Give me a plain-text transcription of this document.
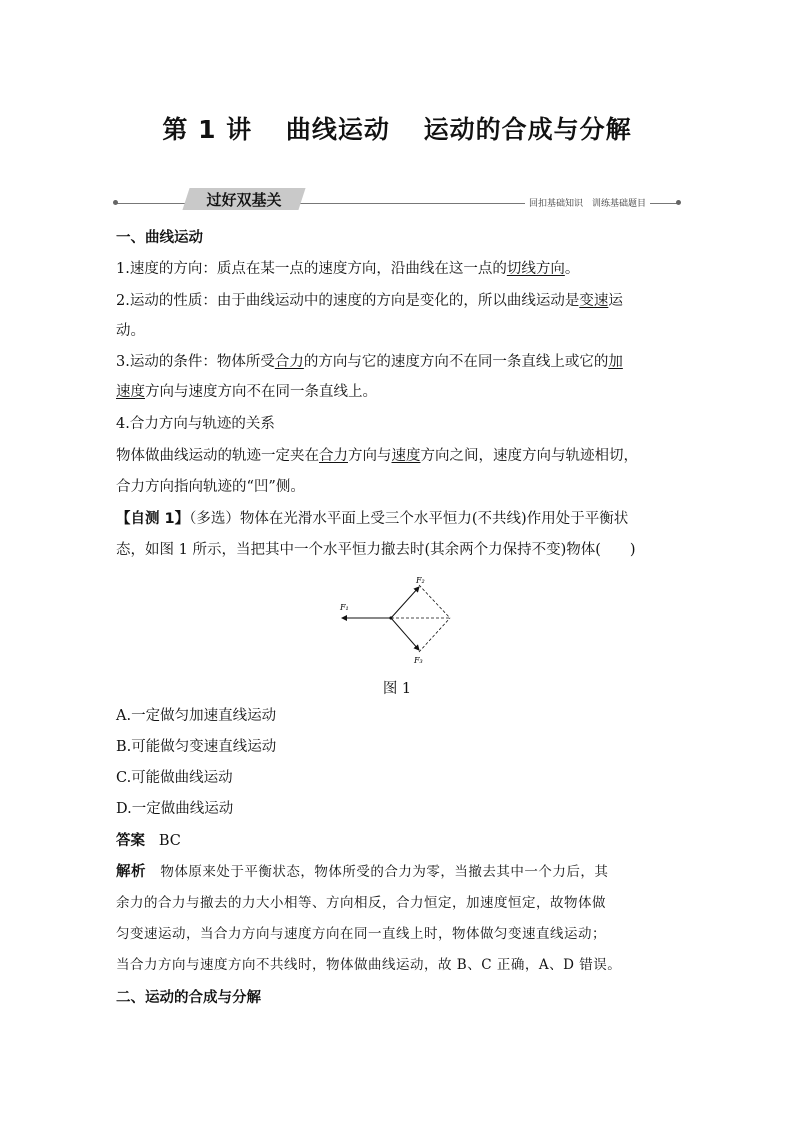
第 1 讲 曲线运动 运动的合成与分解
过好双基关	回扣基础知识　训练基础题目
一、曲线运动
1.速度的方向：质点在某一点的速度方向，沿曲线在这一点的切线方向。
2.运动的性质：由于曲线运动中的速度的方向是变化的，所以曲线运动是变速运
动。
3.运动的条件：物体所受合力的方向与它的速度方向不在同一条直线上或它的加
速度方向与速度方向不在同一条直线上。
4.合力方向与轨迹的关系
物体做曲线运动的轨迹一定夹在合力方向与速度方向之间，速度方向与轨迹相切，
合力方向指向轨迹的“凹”侧。
【自测 1】（多选）物体在光滑水平面上受三个水平恒力(不共线)作用处于平衡状
态，如图 1 所示，当把其中一个水平恒力撤去时(其余两个力保持不变)物体(　　)
F₁
F₂
F₃
图 1
A.一定做匀加速直线运动
B.可能做匀变速直线运动
C.可能做曲线运动
D.一定做曲线运动
答案 BC
解析 物体原来处于平衡状态，物体所受的合力为零，当撤去其中一个力后，其
余力的合力与撤去的力大小相等、方向相反，合力恒定，加速度恒定，故物体做
匀变速运动，当合力方向与速度方向在同一直线上时，物体做匀变速直线运动；
当合力方向与速度方向不共线时，物体做曲线运动，故 B、C 正确，A、D 错误。
二、运动的合成与分解
